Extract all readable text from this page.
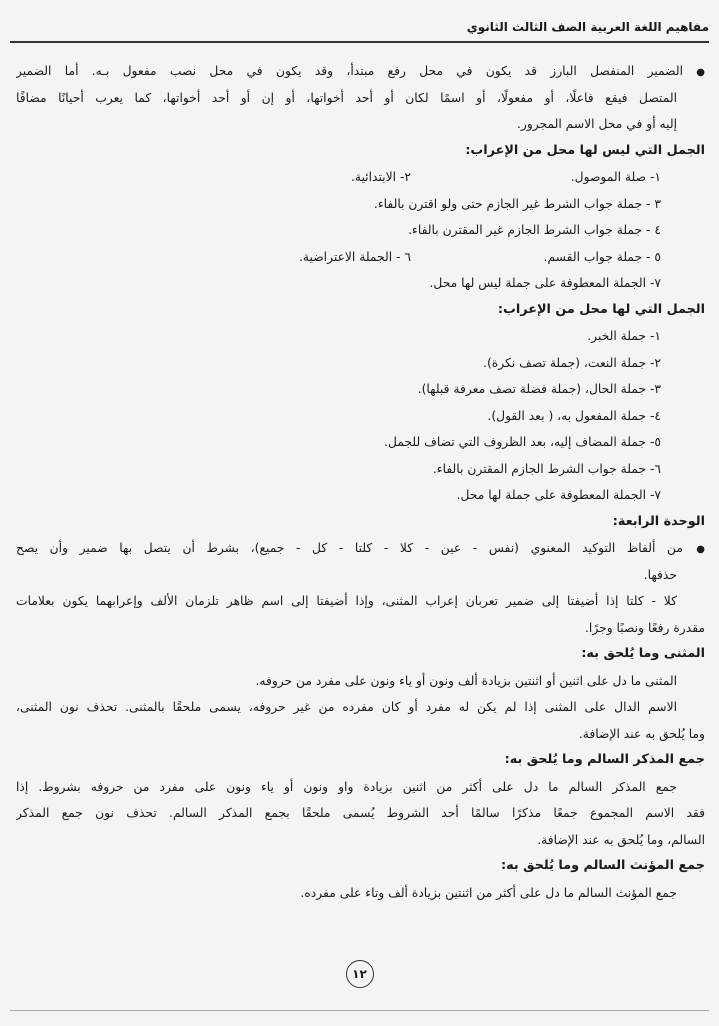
مفاهيم اللغة العربية الصف الثالث الثانوي
●الضمير المنفصل البارز قد يكون في محل رفع مبتدأ، وقد يكون في محل نصب مفعول بـه. أما الضمير
المتصل فيقع فاعلًا، أو مفعولًا، أو اسمًا لكان أو أحد أخواتها، أو إن أو أحد أخواتها، كما يعرب أحيانًا مضافًا
إليه أو في محل الاسم المجرور.
الجمل التي ليس لها محل من الإعراب:
١- صلة الموصول.
٢- الابتدائية.
٣ - جملة جواب الشرط غير الجازم حتى ولو اقترن بالفاء.
٤ - جملة جواب الشرط الجازم غير المقترن بالفاء.
٥ - جملة جواب القسم.
٦ - الجملة الاعتراضية.
٧- الجملة المعطوفة على جملة ليس لها محل.
الجمل التي لها محل من الإعراب:
١- جملة الخبر.
٢- جملة النعت، (جملة تصف نكرة).
٣- جملة الحال، (جملة فضلة تصف معرفة قبلها).
٤- جملة المفعول به، ( بعد القول).
٥- جملة المضاف إليه، بعد الظروف التي تضاف للجمل.
٦- جملة جواب الشرط الجازم المقترن بالفاء.
٧- الجملة المعطوفة على جملة لها محل.
الوحدة الرابعة:
●من ألفاظ التوكيد المعنوي (نفس - عين - كلا - كلتا - كل - جميع)، بشرط أن يتصل بها ضمير وأن يصح
حذفها.
كلا - كلتا إذا أضيفتا إلى ضمير تعربان إعراب المثنى، وإذا أضيفتا إلى اسم ظاهر تلزمان الألف وإعرابهما يكون بعلامات
مقدرة رفعًا ونصبًا وجرًا.
المثنى وما يُلحق به:
المثنى ما دل على اثنين أو اثنتين بزيادة ألف ونون أو ياء ونون على مفرد من حروفه.
الاسم الدال على المثنى إذا لم يكن له مفرد أو كان مفرده من غير حروفه، يسمى ملحقًا بالمثنى. تحذف نون المثنى،
وما يُلحق به عند الإضافة.
جمع المذكر السالم وما يُلحق به:
جمع المذكر السالم ما دل على أكثر من اثنين بزيادة واو ونون أو ياء ونون على مفرد من حروفه بشروط. إذا
فقد الاسم المجموع جمعًا مذكرًا سالمًا أحد الشروط يُسمى ملحقًا بجمع المذكر السالم. تحذف نون جمع المذكر
السالم، وما يُلحق به عند الإضافة.
جمع المؤنث السالم وما يُلحق به:
جمع المؤنث السالم ما دل على أكثر من اثنتين بزيادة ألف وتاء على مفرده.
١٢
